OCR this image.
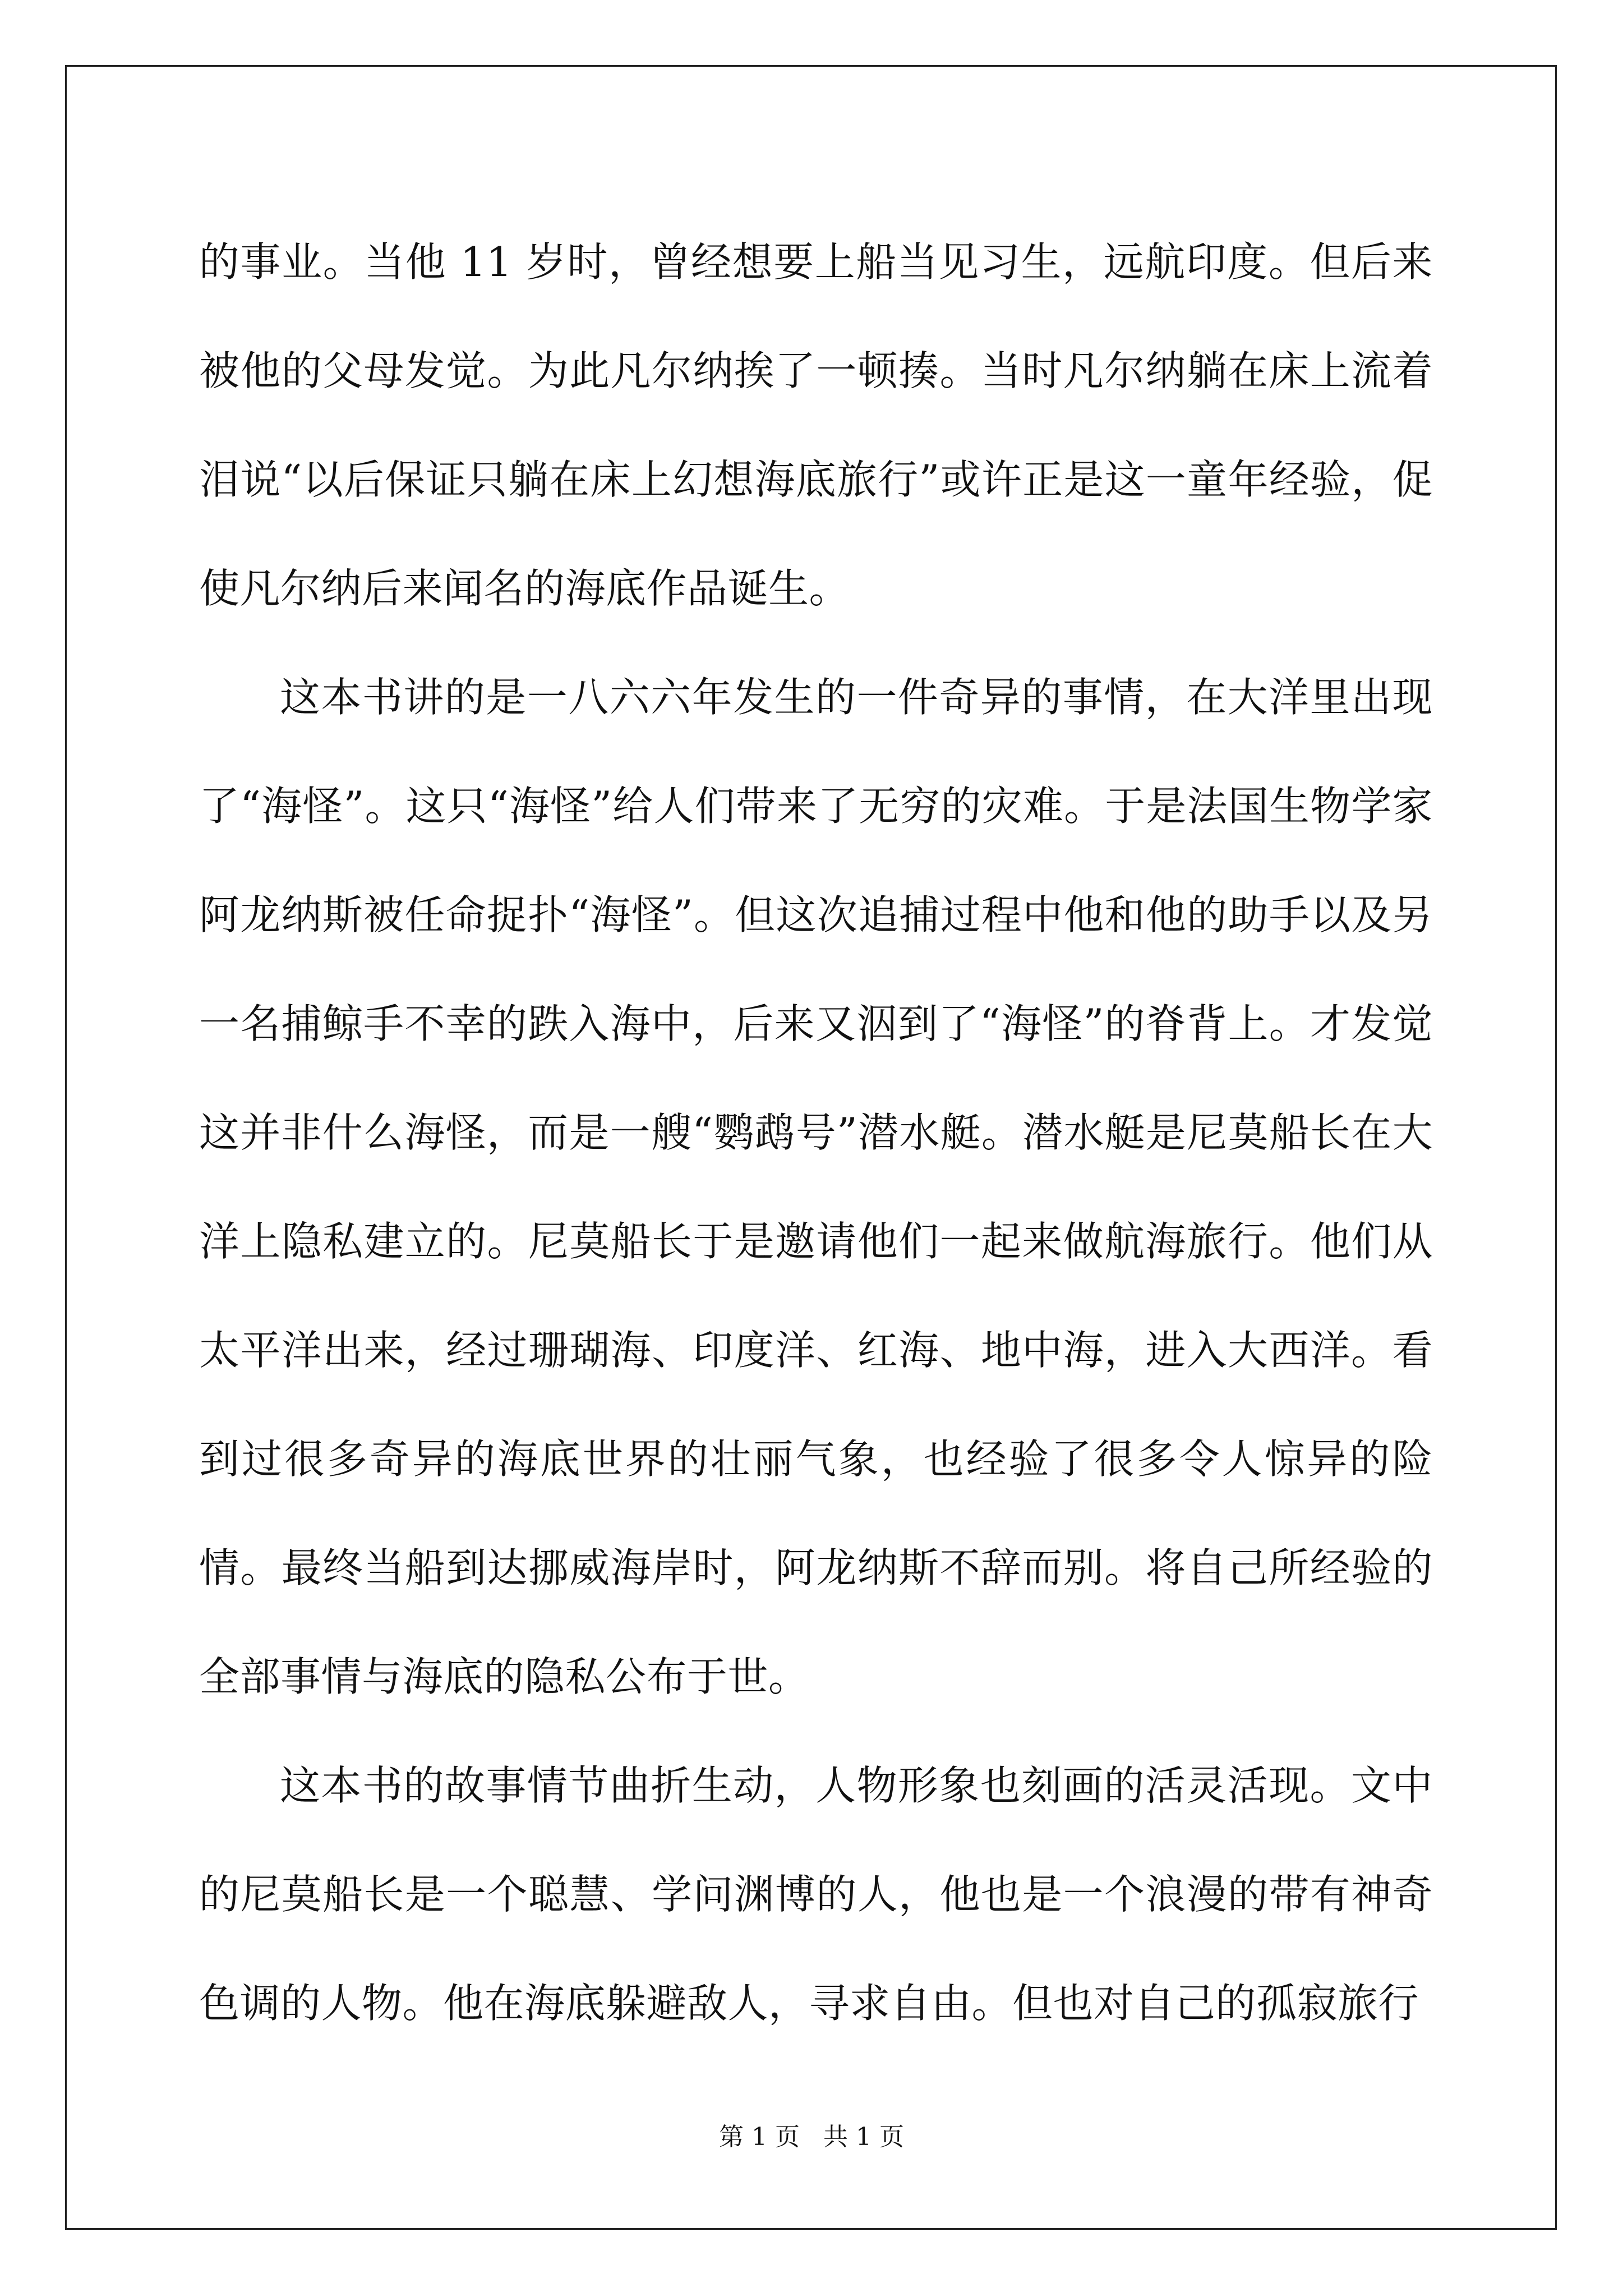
的事业。当他 11 岁时，曾经想要上船当见习生，远航印度。但后来被他的父母发觉。为此凡尔纳挨了一顿揍。当时凡尔纳躺在床上流着泪说“以后保证只躺在床上幻想海底旅行”或许正是这一童年经验，促使凡尔纳后来闻名的海底作品诞生。

这本书讲的是一八六六年发生的一件奇异的事情，在大洋里出现了“海怪”。这只“海怪”给人们带来了无穷的灾难。于是法国生物学家阿龙纳斯被任命捉扑“海怪”。但这次追捕过程中他和他的助手以及另一名捕鲸手不幸的跌入海中，后来又泅到了“海怪”的脊背上。才发觉这并非什么海怪，而是一艘“鹦鹉号”潜水艇。潜水艇是尼莫船长在大洋上隐私建立的。尼莫船长于是邀请他们一起来做航海旅行。他们从太平洋出来，经过珊瑚海、印度洋、红海、地中海，进入大西洋。看到过很多奇异的海底世界的壮丽气象，也经验了很多令人惊异的险情。最终当船到达挪威海岸时，阿龙纳斯不辞而别。将自己所经验的全部事情与海底的隐私公布于世。

这本书的故事情节曲折生动，人物形象也刻画的活灵活现。文中的尼莫船长是一个聪慧、学问渊博的人，他也是一个浪漫的带有神奇色调的人物。他在海底躲避敌人，寻求自由。但也对自己的孤寂旅行

第 1 页   共 1 页
